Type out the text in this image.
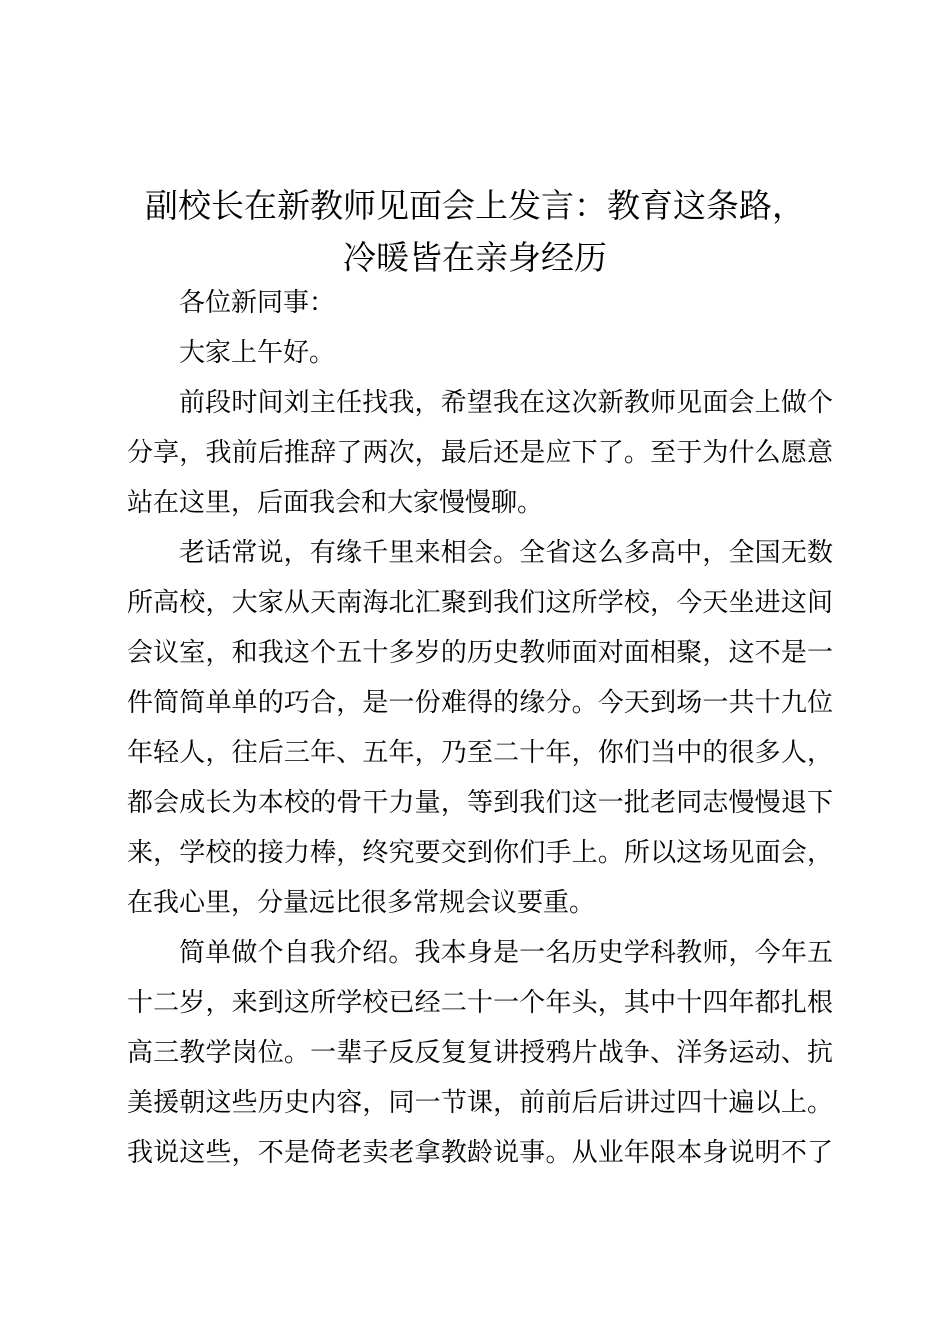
副校长在新教师见面会上发言：教育这条路，
冷暖皆在亲身经历

各位新同事：

大家上午好。

前段时间刘主任找我，希望我在这次新教师见面会上做个
分享，我前后推辞了两次，最后还是应下了。至于为什么愿意
站在这里，后面我会和大家慢慢聊。

老话常说，有缘千里来相会。全省这么多高中，全国无数
所高校，大家从天南海北汇聚到我们这所学校，今天坐进这间
会议室，和我这个五十多岁的历史教师面对面相聚，这不是一
件简简单单的巧合，是一份难得的缘分。今天到场一共十九位
年轻人，往后三年、五年，乃至二十年，你们当中的很多人，
都会成长为本校的骨干力量，等到我们这一批老同志慢慢退下
来，学校的接力棒，终究要交到你们手上。所以这场见面会，
在我心里，分量远比很多常规会议要重。

简单做个自我介绍。我本身是一名历史学科教师，今年五
十二岁，来到这所学校已经二十一个年头，其中十四年都扎根
高三教学岗位。一辈子反反复复讲授鸦片战争、洋务运动、抗
美援朝这些历史内容，同一节课，前前后后讲过四十遍以上。
我说这些，不是倚老卖老拿教龄说事。从业年限本身说明不了
